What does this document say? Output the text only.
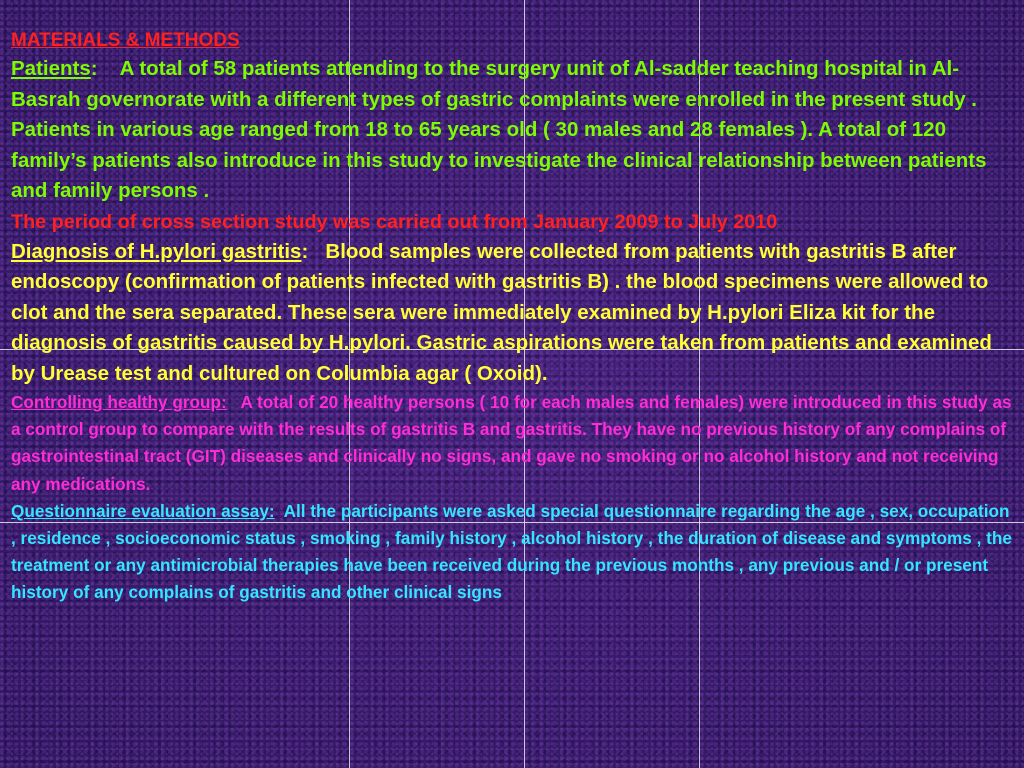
MATERIALS & METHODS

Patients: A total of 58 patients attending to the surgery unit of Al-sadder teaching hospital in Al-Basrah governorate with a different types of gastric complaints were enrolled in the present study . Patients in various age ranged from 18 to 65 years old ( 30 males and 28 females ). A total of 120 family’s patients also introduce in this study to investigate the clinical relationship between patients and family persons .

The period of cross section study was carried out from January 2009 to July 2010

Diagnosis of H.pylori gastritis: Blood samples were collected from patients with gastritis B after endoscopy (confirmation of patients infected with gastritis B) . the blood specimens were allowed to clot and the sera separated. These sera were immediately examined by H.pylori Eliza kit for the diagnosis of gastritis caused by H.pylori. Gastric aspirations were taken from patients and examined by Urease test and cultured on Columbia agar ( Oxoid).

Controlling healthy group: A total of 20 healthy persons ( 10 for each males and females) were introduced in this study as a control group to compare with the results of gastritis B and gastritis. They have no previous history of any complains of gastrointestinal tract (GIT) diseases and clinically no signs, and gave no smoking or no alcohol history and not receiving any medications.

Questionnaire evaluation assay: All the participants were asked special questionnaire regarding the age , sex, occupation , residence , socioeconomic status , smoking , family history , alcohol history , the duration of disease and symptoms , the treatment or any antimicrobial therapies have been received during the previous months , any previous and / or present history of any complains of gastritis and other clinical signs
